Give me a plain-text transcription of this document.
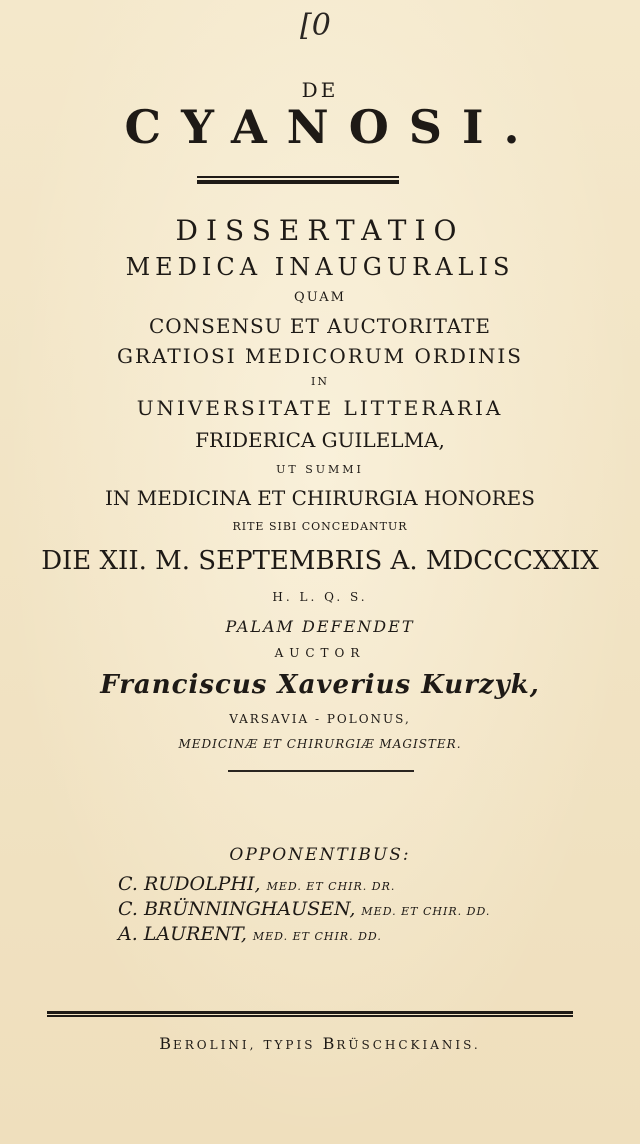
[0
DE
CYANOSI.
DISSERTATIO
MEDICA INAUGURALIS
QUAM
CONSENSU ET AUCTORITATE
GRATIOSI MEDICORUM ORDINIS
IN
UNIVERSITATE LITTERARIA
FRIDERICA GUILELMA,
UT SUMMI
IN MEDICINA ET CHIRURGIA HONORES
RITE SIBI CONCEDANTUR
DIE XII. M. SEPTEMBRIS A. MDCCCXXIX
H. L. Q. S.
PALAM DEFENDET
AUCTOR
Franciscus Xaverius Kurzyk,
VARSAVIA - POLONUS,
MEDICINÆ ET CHIRURGIÆ MAGISTER.
OPPONENTIBUS:
C. RUDOLPHI, MED. ET CHIR. DR.
C. BRÜNNINGHAUSEN, MED. ET CHIR. DD.
A. LAURENT, MED. ET CHIR. DD.
BEROLINI, TYPIS BRÜSCHCKIANIS.
